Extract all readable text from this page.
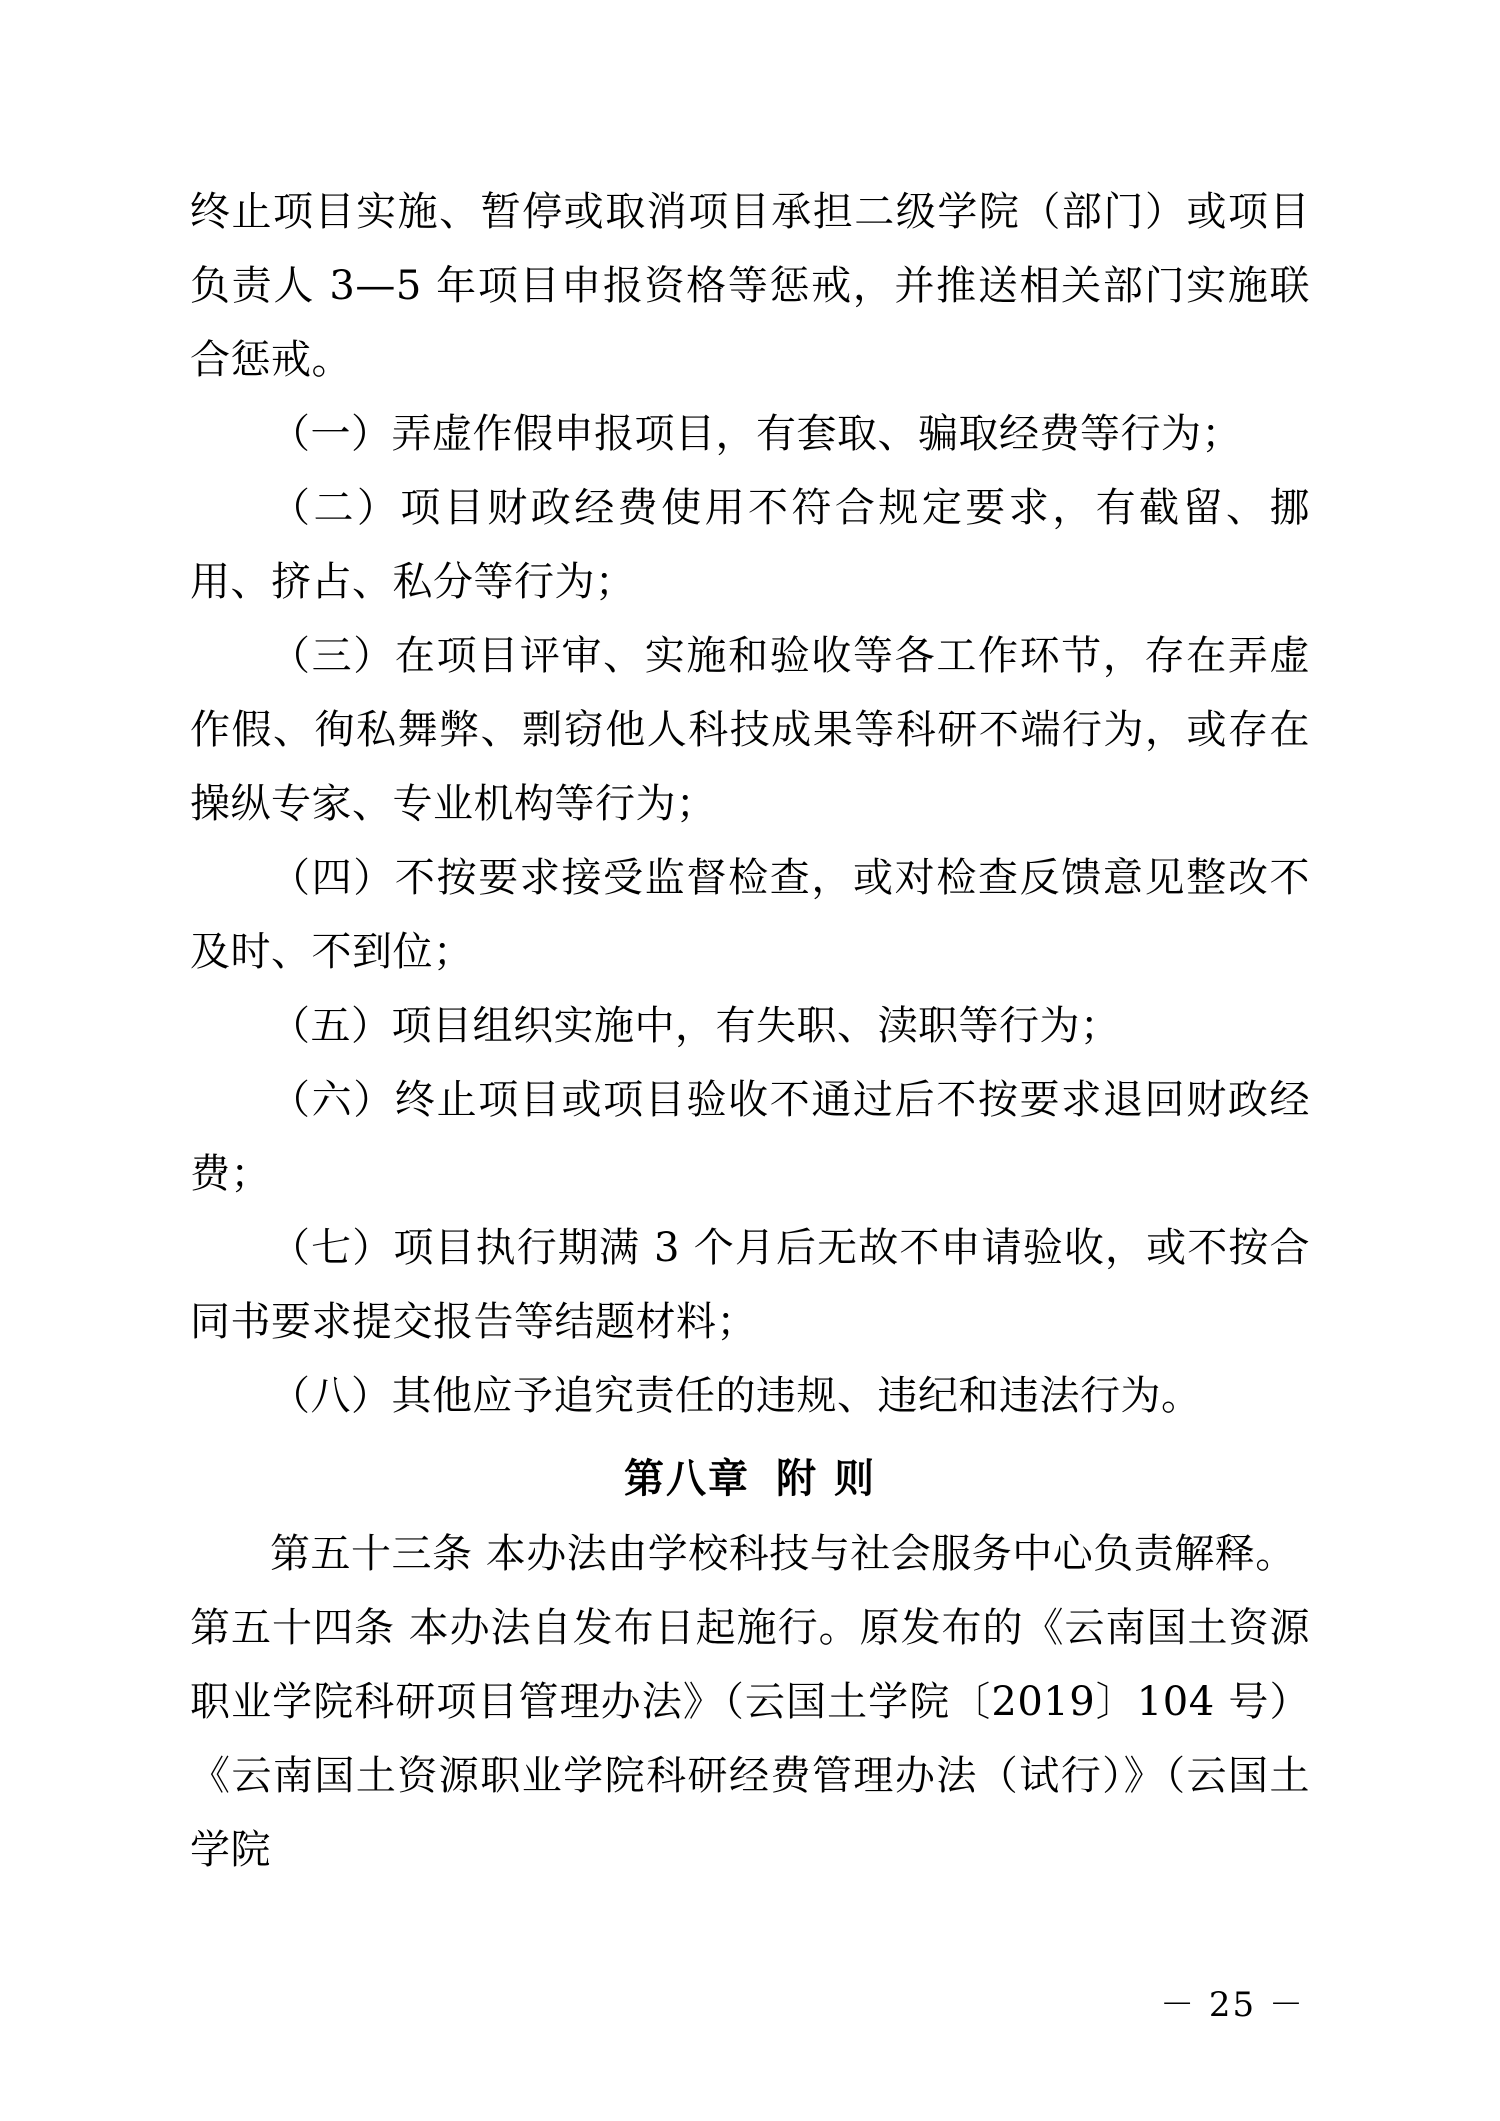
终止项目实施、暂停或取消项目承担二级学院（部门）或项目负责人 3—5 年项目申报资格等惩戒，并推送相关部门实施联合惩戒。

（一）弄虚作假申报项目，有套取、骗取经费等行为；

（二）项目财政经费使用不符合规定要求，有截留、挪用、挤占、私分等行为；

（三）在项目评审、实施和验收等各工作环节，存在弄虚作假、徇私舞弊、剽窃他人科技成果等科研不端行为，或存在操纵专家、专业机构等行为；

（四）不按要求接受监督检查，或对检查反馈意见整改不及时、不到位；

（五）项目组织实施中，有失职、渎职等行为；

（六）终止项目或项目验收不通过后不按要求退回财政经费；

（七）项目执行期满 3 个月后无故不申请验收，或不按合同书要求提交报告等结题材料；

（八）其他应予追究责任的违规、违纪和违法行为。

第八章 附 则

第五十三条 本办法由学校科技与社会服务中心负责解释。

第五十四条 本办法自发布日起施行。原发布的《云南国土资源职业学院科研项目管理办法》（云国土学院〔2019〕104 号）《云南国土资源职业学院科研经费管理办法（试行）》（云国土学院

－ 25 －
